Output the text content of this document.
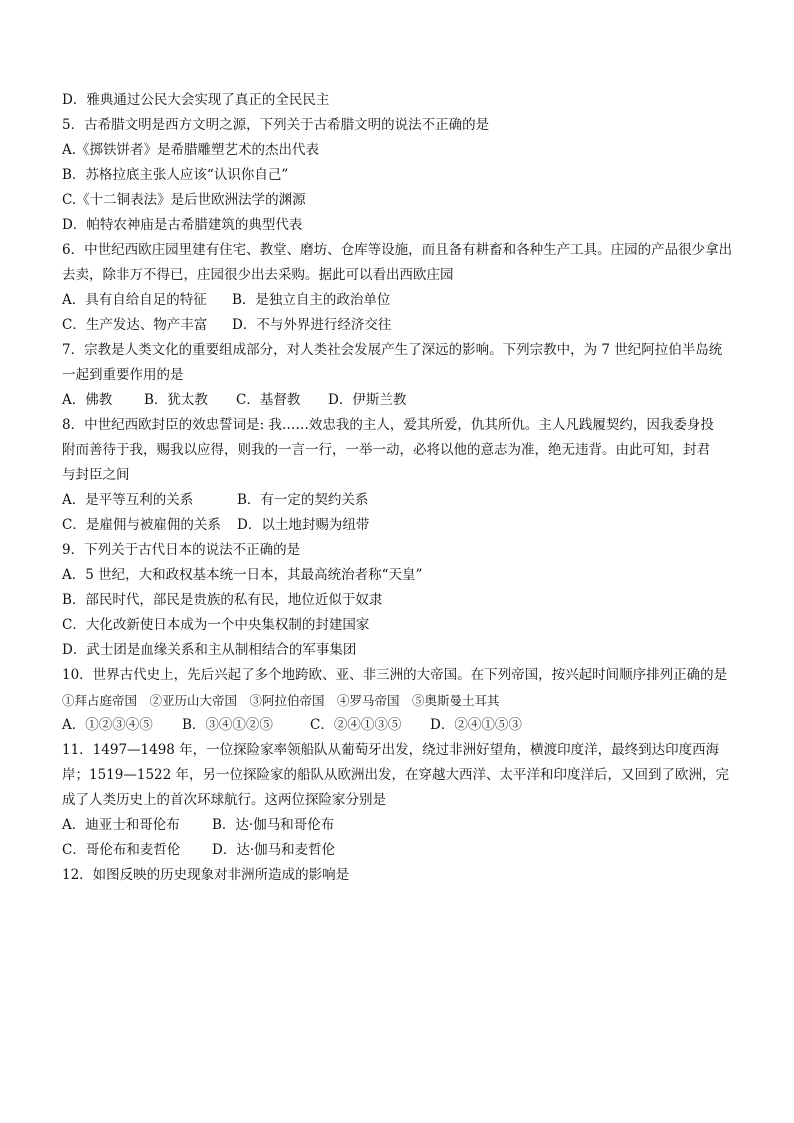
D．雅典通过公民大会实现了真正的全民民主
5．古希腊文明是西方文明之源，下列关于古希腊文明的说法不正确的是
A.《掷铁饼者》是希腊雕塑艺术的杰出代表
B．苏格拉底主张人应该“认识你自己”
C.《十二铜表法》是后世欧洲法学的渊源
D．帕特农神庙是古希腊建筑的典型代表
6．中世纪西欧庄园里建有住宅、教堂、磨坊、仓库等设施，而且备有耕畜和各种生产工具。庄园的产品很少拿出
去卖，除非万不得已，庄园很少出去采购。据此可以看出西欧庄园
A．具有自给自足的特征	B．是独立自主的政治单位
C．生产发达、物产丰富	D．不与外界进行经济交往
7．宗教是人类文化的重要组成部分，对人类社会发展产生了深远的影响。下列宗教中，为 7 世纪阿拉伯半岛统
一起到重要作用的是
A．佛教	B．犹太教	C．基督教	D．伊斯兰教
8．中世纪西欧封臣的效忠誓词是: 我……效忠我的主人，爱其所爱，仇其所仇。主人凡践履契约，因我委身投
附而善待于我，赐我以应得，则我的一言一行，一举一动，必将以他的意志为准，绝无违背。由此可知，封君
与封臣之间
A．是平等互利的关系	B．有一定的契约关系
C．是雇佣与被雇佣的关系	D．以土地封赐为纽带
9．下列关于古代日本的说法不正确的是
A．5 世纪，大和政权基本统一日本，其最高统治者称“天皇”
B．部民时代，部民是贵族的私有民，地位近似于奴隶
C．大化改新使日本成为一个中央集权制的封建国家
D．武士团是血缘关系和主从制相结合的军事集团
10．世界古代史上，先后兴起了多个地跨欧、亚、非三洲的大帝国。在下列帝国，按兴起时间顺序排列正确的是
①拜占庭帝国　②亚历山大帝国　③阿拉伯帝国　④罗马帝国　⑤奥斯曼土耳其
A．①②③④⑤	B．③④①②⑤	C．②④①③⑤	D．②④①⑤③
11．1497—1498 年，一位探险家率领船队从葡萄牙出发，绕过非洲好望角，横渡印度洋，最终到达印度西海
岸；1519—1522 年，另一位探险家的船队从欧洲出发，在穿越大西洋、太平洋和印度洋后，又回到了欧洲，完
成了人类历史上的首次环球航行。这两位探险家分别是
A．迪亚士和哥伦布	B．达·伽马和哥伦布
C．哥伦布和麦哲伦	D．达·伽马和麦哲伦
12．如图反映的历史现象对非洲所造成的影响是
